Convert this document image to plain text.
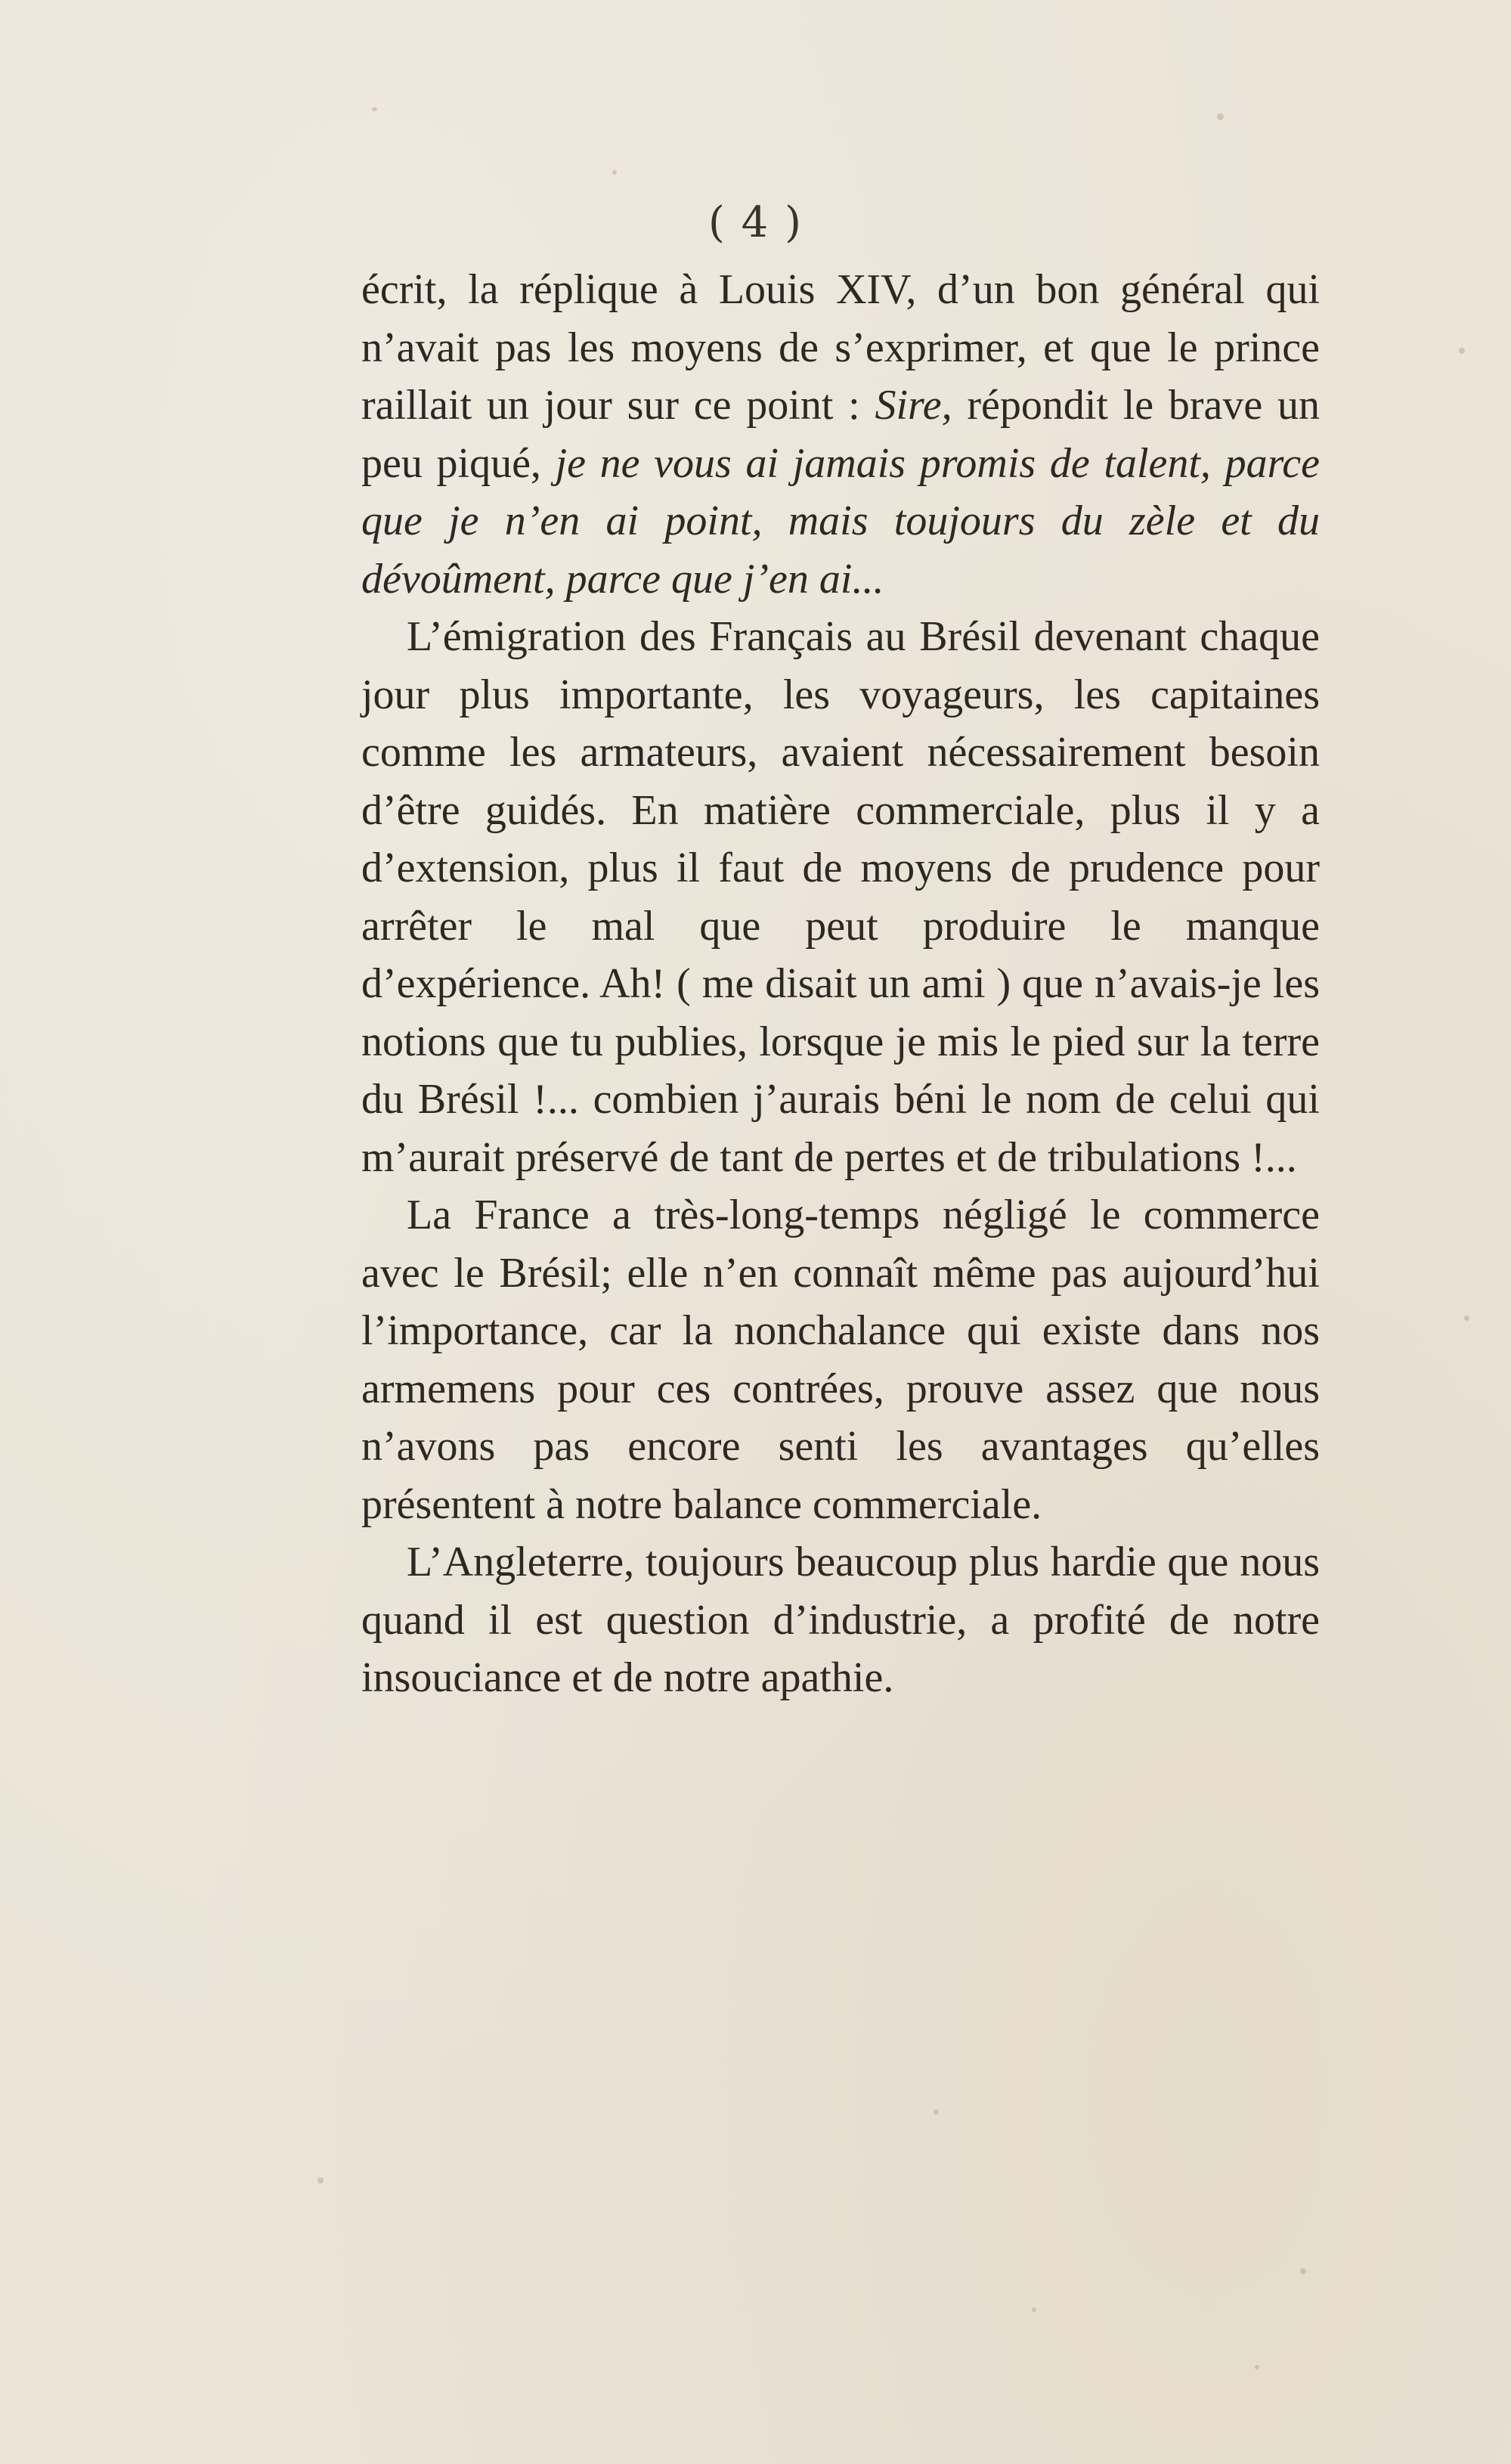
( 4 )

écrit, la réplique à Louis XIV, d’un bon général qui n’avait pas les moyens de s’exprimer, et que le prince raillait un jour sur ce point : Sire, répondit le brave un peu piqué, je ne vous ai jamais promis de talent, parce que je n’en ai point, mais toujours du zèle et du dévoûment, parce que j’en ai...

L’émigration des Français au Brésil devenant chaque jour plus importante, les voyageurs, les capitaines comme les armateurs, avaient nécessairement besoin d’être guidés. En matière commerciale, plus il y a d’extension, plus il faut de moyens de prudence pour arrêter le mal que peut produire le manque d’expérience. Ah! ( me disait un ami ) que n’avais-je les notions que tu publies, lorsque je mis le pied sur la terre du Brésil !... combien j’aurais béni le nom de celui qui m’aurait préservé de tant de pertes et de tribulations !...

La France a très-long-temps négligé le commerce avec le Brésil; elle n’en connaît même pas aujourd’hui l’importance, car la nonchalance qui existe dans nos armemens pour ces contrées, prouve assez que nous n’avons pas encore senti les avantages qu’elles présentent à notre balance commerciale.

L’Angleterre, toujours beaucoup plus hardie que nous quand il est question d’industrie, a profité de notre insouciance et de notre apathie.
